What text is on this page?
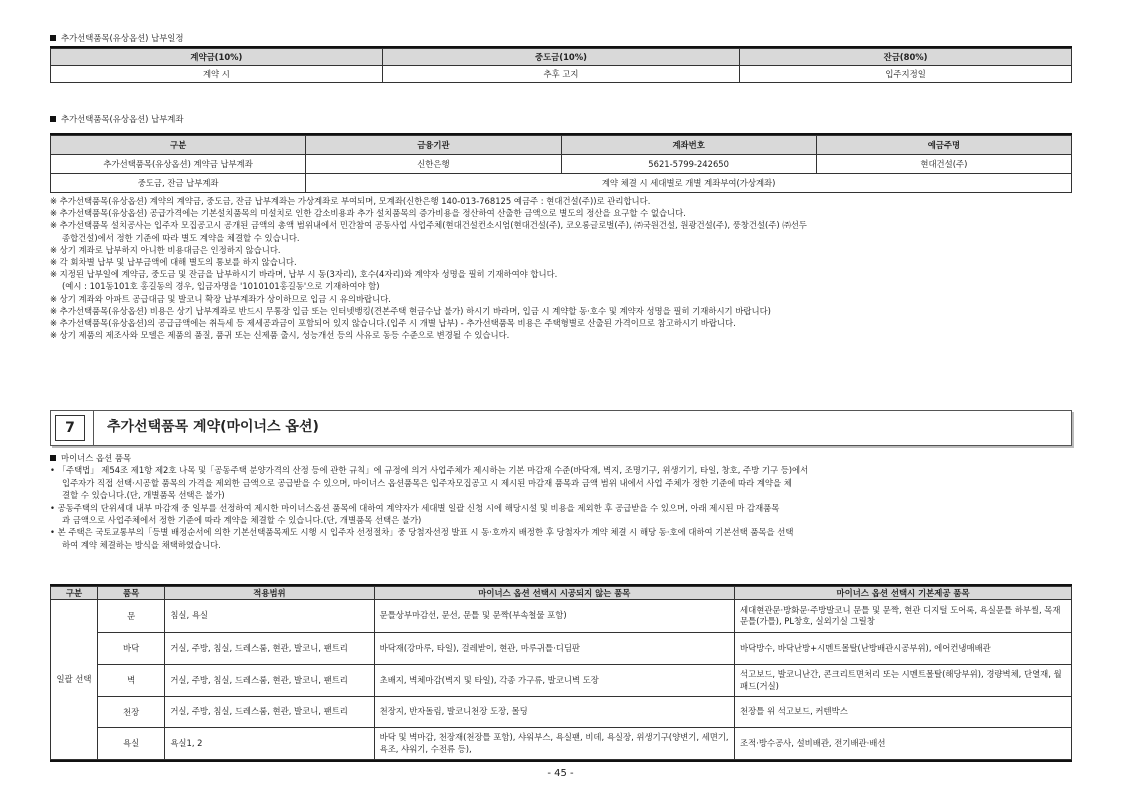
추가선택품목(유상옵션) 납부일정
계약금(10%)	중도금(10%)	잔금(80%)
계약 시	추후 고지	입주지정일
추가선택품목(유상옵션) 납부계좌
구분	금융기관	계좌번호	예금주명
추가선택품목(유상옵션) 계약금 납부계좌	신한은행	5621-5799-242650	현대건설(주)
중도금, 잔금 납부계좌	계약 체결 시 세대별로 개별 계좌부여(가상계좌)		
※ 추가선택품목(유상옵션) 계약의 계약금, 중도금, 잔금 납부계좌는 가상계좌로 부여되며, 모계좌(신한은행 140-013-768125 예금주 : 현대건설(주))로 관리합니다.
※ 추가선택품목(유상옵션) 공급가격에는 기본설치품목의 미설치로 인한 감소비용과 추가 설치품목의 증가비용을 정산하여 산출한 금액으로 별도의 정산을 요구할 수 없습니다.
※ 추가선택품목 설치공사는 입주자 모집공고시 공개된 금액의 총액 범위내에서 민간참여 공동사업 사업주체(현대건설컨소시엄(현대건설(주), 코오롱글로벌(주), ㈜국원건설, 원광건설(주), 풍창건설(주) ㈜선두
종합건설)에서 정한 기준에 따라 별도 계약을 체결할 수 있습니다.
※ 상기 계좌로 납부하지 아니한 비용대금은 인정하지 않습니다.
※ 각 회차별 납부 및 납부금액에 대해 별도의 통보를 하지 않습니다.
※ 지정된 납부일에 계약금, 중도금 및 잔금을 납부하시기 바라며, 납부 시 동(3자리), 호수(4자리)와 계약자 성명을 필히 기재하여야 합니다.
(예시 : 101동101호 홍길동의 경우, 입금자명을 '1010101홍길동'으로 기재하여야 함)
※ 상기 계좌와 아파트 공급대금 및 발코니 확장 납부계좌가 상이하므로 입금 시 유의바랍니다.
※ 추가선택품목(유상옵션) 비용은 상기 납부계좌로 반드시 무통장 입금 또는 인터넷뱅킹(견본주택 현금수납 불가) 하시기 바라며, 입금 시 계약할 동·호수 및 계약자 성명을 필히 기재하시기 바랍니다)
※ 추가선택품목(유상옵션)의 공급금액에는 취득세 등 제세공과금이 포함되어 있지 않습니다.(입주 시 개별 납부) - 추가선택품목 비용은 주택형별로 산출된 가격이므로 참고하시기 바랍니다.
※ 상기 제품의 제조사와 모델은 제품의 품질, 품귀 또는 신제품 출시, 성능개선 등의 사유로 동등 수준으로 변경될 수 있습니다.
7	추가선택품목 계약(마이너스 옵션)
마이너스 옵션 품목
• 「주택법」 제54조 제1항 제2호 나목 및「공동주택 분양가격의 산정 등에 관한 규칙」에 규정에 의거 사업주체가 제시하는 기본 마감재 수준(바닥재, 벽지, 조명기구, 위생기기, 타일, 창호, 주방 기구 등)에서
입주자가 직접 선택·시공할 품목의 가격을 제외한 금액으로 공급받을 수 있으며, 마이너스 옵션품목은 입주자모집공고 시 제시된 마감재 품목과 금액 범위 내에서 사업 주체가 정한 기준에 따라 계약을 체
결할 수 있습니다.(단, 개별품목 선택은 불가)
• 공동주택의 단위세대 내부 마감재 중 일부를 선정하여 제시한 마이너스옵션 품목에 대하여 계약자가 세대별 일괄 신청 시에 해당시설 및 비용을 제외한 후 공급받을 수 있으며, 아래 제시된 마 감재품목
과 금액으로 사업주체에서 정한 기준에 따라 계약을 체결할 수 있습니다.(단, 개별품목 선택은 불가)
• 본 주택은 국토교통부의「등별 배정순서에 의한 기본선택품목제도 시행 시 입주자 선정절차」중 당첨자선정 발표 시 동·호까지 배정한 후 당첨자가 계약 체결 시 해당 동·호에 대하여 기본선택 품목을 선택
하여 계약 체결하는 방식을 채택하였습니다.
구분	품목	적용범위	마이너스 옵션 선택시 시공되지 않는 품목	마이너스 옵션 선택시 기본제공 품목
일괄 선택	문	침실, 욕실	문틀상부마감선, 문선, 문틀 및 문짝(부속철물 포함)	세대현관문·방화문·주방발코니 문틀 및 문짝, 현관 디지털 도어록, 욕실문틀 하부씰, 목재문틀(가틀), PL창호, 실외기실 그릴창
	바닥	거실, 주방, 침실, 드레스룸, 현관, 발코니, 팬트리	바닥재(강마루, 타일), 걸레받이, 현관, 마루귀틀·디딤판	바닥방수, 바닥난방+시멘트몰탈(난방배관시공부위), 에어컨냉매배관
	벽	거실, 주방, 침실, 드레스룸, 현관, 발코니, 팬트리	초배지, 벽체마감(벽지 및 타일), 각종 가구류, 발코니벽 도장	석고보드, 발코니난간, 콘크리트면처리 또는 시멘트몰탈(해당부위), 경량벽체, 단열재, 월패드(거실)
	천장	거실, 주방, 침실, 드레스룸, 현관, 발코니, 팬트리	천장지, 반자돌림, 발코니천장 도장, 몰딩	천장틀 위 석고보드, 커텐박스
	욕실	욕실1, 2	바닥 및 벽마감, 천장재(천장틀 포함), 샤워부스, 욕실팬, 비데, 욕실장, 위생기구(양변기, 세면기, 욕조, 샤워기, 수전류 등),	조적·방수공사, 설비배관, 전기배관·배선
- 45 -
